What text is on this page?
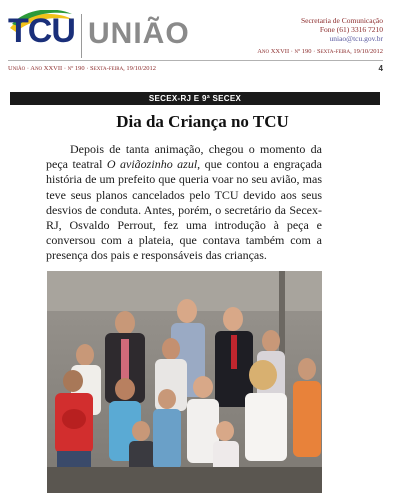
TCU UNIÃO	Secretaria de Comunicação
Fone (61) 3316 7210
uniao@tcu.gov.br
Ano XXVII · nº 190 · Sexta-feira, 19/10/2012
União · Ano XXVII · nº 190 · Sexta-feira, 19/10/2012	4
SECEX-RJ E 9ª SECEX
Dia da Criança no TCU
Depois de tanta animação, chegou o momento da peça teatral O aviãozinho azul, que contou a engraçada história de um prefeito que queria voar no seu avião, mas teve seus planos cancelados pelo TCU devido aos seus desvios de conduta. Antes, porém, o secretário da Secex-RJ, Osvaldo Perrout, fez uma introdução à peça e conversou com a plateia, que contava também com a presença dos pais e responsáveis das crianças.
